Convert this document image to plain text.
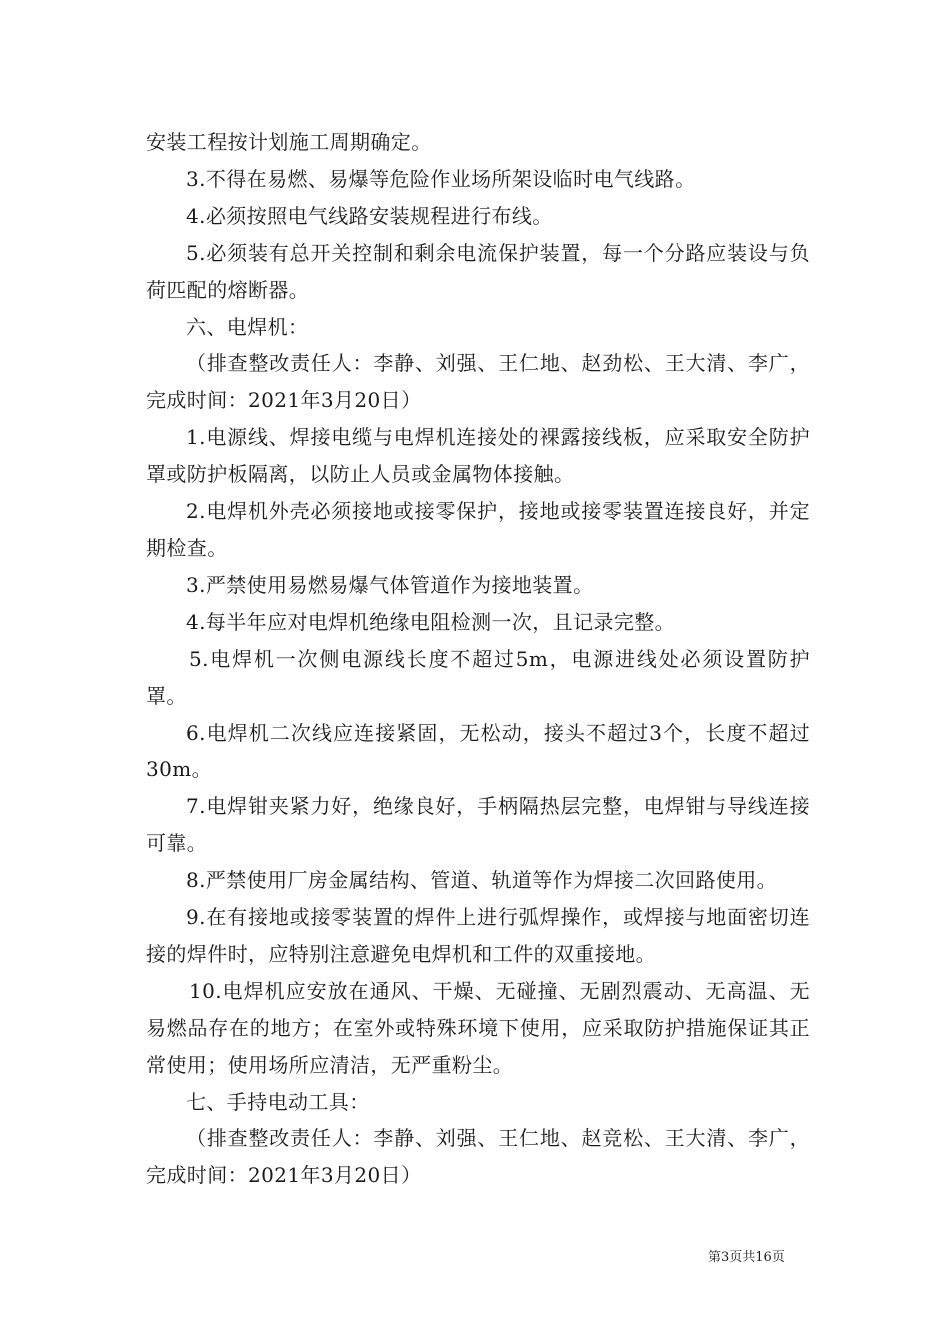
安装工程按计划施工周期确定。

3.不得在易燃、易爆等危险作业场所架设临时电气线路。

4.必须按照电气线路安装规程进行布线。

5.必须装有总开关控制和剩余电流保护装置，每一个分路应装设与负荷匹配的熔断器。

六、电焊机：

（排查整改责任人：李静、刘强、王仁地、赵劲松、王大清、李广，完成时间：2021年3月20日）

1.电源线、焊接电缆与电焊机连接处的裸露接线板，应采取安全防护罩或防护板隔离，以防止人员或金属物体接触。

2.电焊机外壳必须接地或接零保护，接地或接零装置连接良好，并定期检查。

3.严禁使用易燃易爆气体管道作为接地装置。

4.每半年应对电焊机绝缘电阻检测一次，且记录完整。

5.电焊机一次侧电源线长度不超过5m，电源进线处必须设置防护罩。

6.电焊机二次线应连接紧固，无松动，接头不超过3个，长度不超过30m。

7.电焊钳夹紧力好，绝缘良好，手柄隔热层完整，电焊钳与导线连接可靠。

8.严禁使用厂房金属结构、管道、轨道等作为焊接二次回路使用。

9.在有接地或接零装置的焊件上进行弧焊操作，或焊接与地面密切连接的焊件时，应特别注意避免电焊机和工件的双重接地。

10.电焊机应安放在通风、干燥、无碰撞、无剧烈震动、无高温、无易燃品存在的地方；在室外或特殊环境下使用，应采取防护措施保证其正常使用；使用场所应清洁，无严重粉尘。

七、手持电动工具：

（排查整改责任人：李静、刘强、王仁地、赵竞松、王大清、李广，完成时间：2021年3月20日）

第3页共16页
